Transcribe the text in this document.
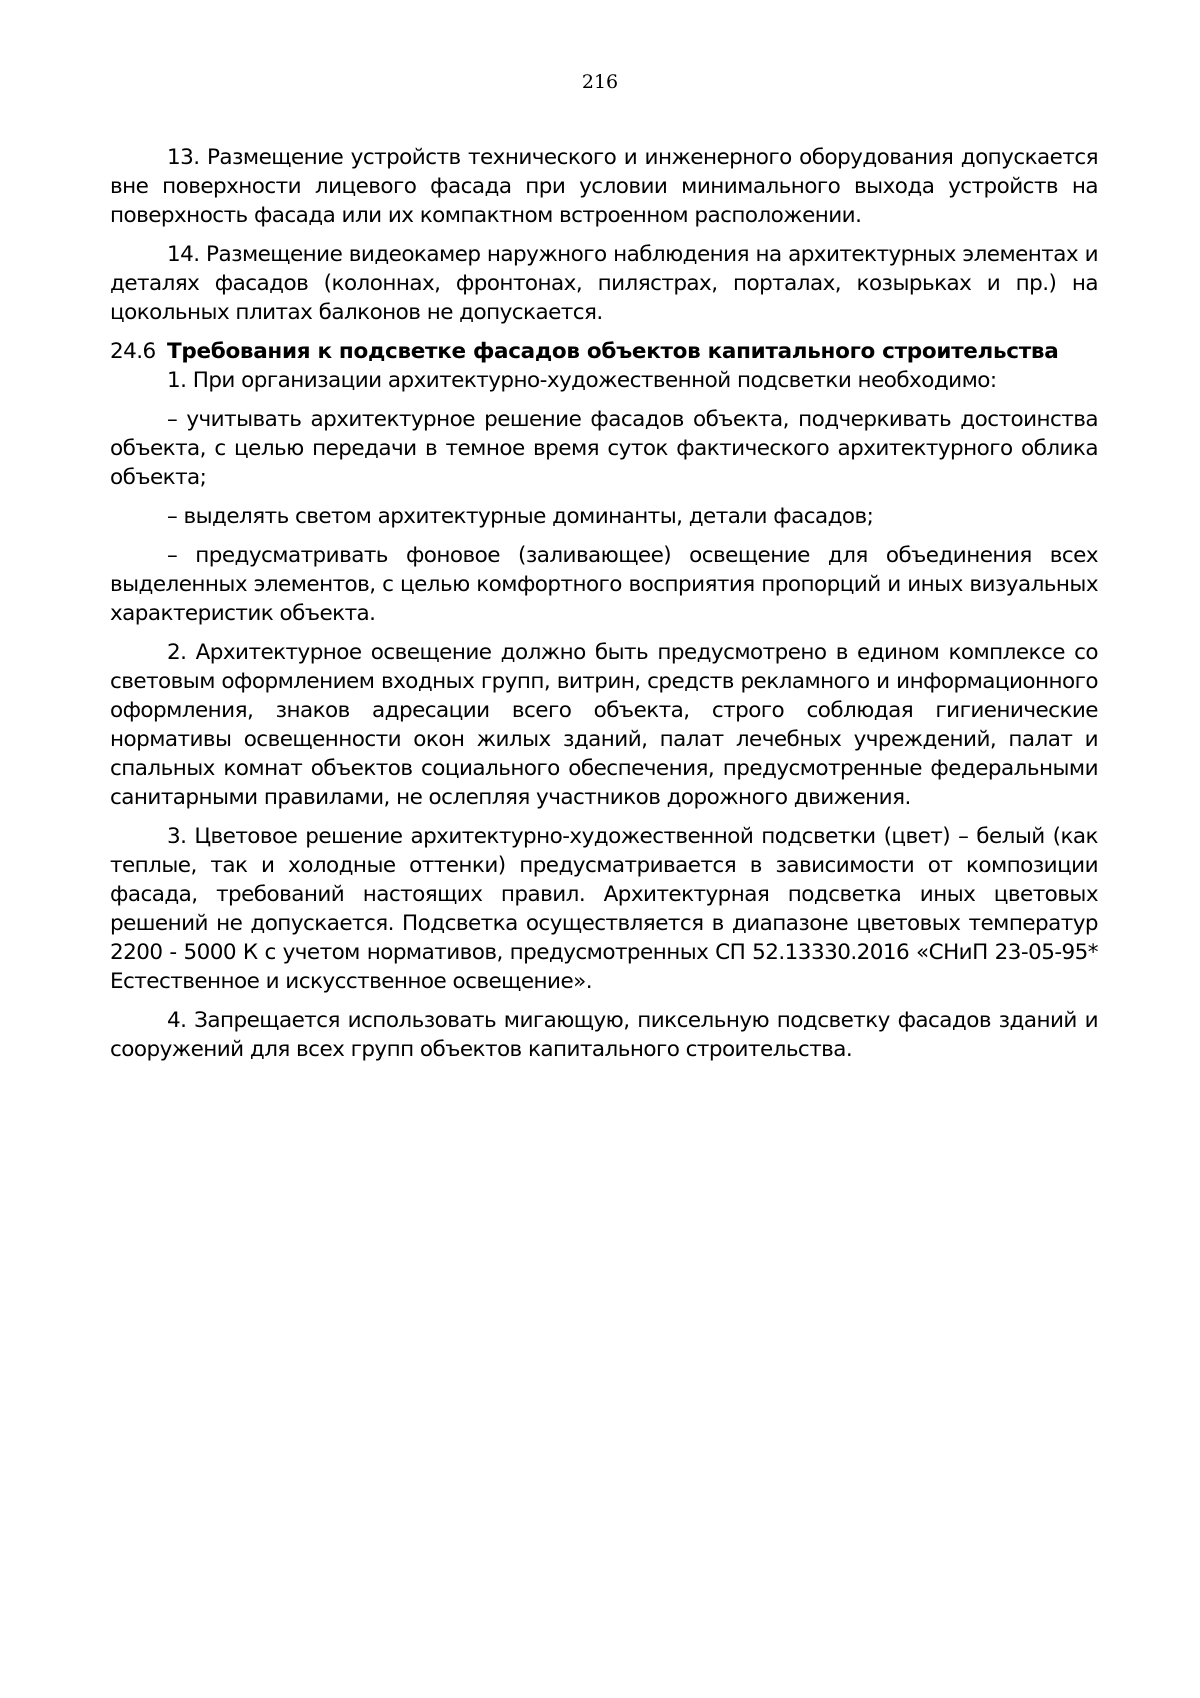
216

13. Размещение устройств технического и инженерного оборудования допускается вне поверхности лицевого фасада при условии минимального выхода устройств на поверхность фасада или их компактном встроенном расположении.

14. Размещение видеокамер наружного наблюдения на архитектурных элементах и деталях фасадов (колоннах, фронтонах, пилястрах, порталах, козырьках и пр.) на цокольных плитах балконов не допускается.

24.6 Требования к подсветке фасадов объектов капитального строительства

1. При организации архитектурно-художественной подсветки необходимо:

– учитывать архитектурное решение фасадов объекта, подчеркивать достоинства объекта, с целью передачи в темное время суток фактического архитектурного облика объекта;

– выделять светом архитектурные доминанты, детали фасадов;

– предусматривать фоновое (заливающее) освещение для объединения всех выделенных элементов, с целью комфортного восприятия пропорций и иных визуальных характеристик объекта.

2. Архитектурное освещение должно быть предусмотрено в едином комплексе со световым оформлением входных групп, витрин, средств рекламного и информационного оформления, знаков адресации всего объекта, строго соблюдая гигиенические нормативы освещенности окон жилых зданий, палат лечебных учреждений, палат и спальных комнат объектов социального обеспечения, предусмотренные федеральными санитарными правилами, не ослепляя участников дорожного движения.

3. Цветовое решение архитектурно-художественной подсветки (цвет) – белый (как теплые, так и холодные оттенки) предусматривается в зависимости от композиции фасада, требований настоящих правил. Архитектурная подсветка иных цветовых решений не допускается. Подсветка осуществляется в диапазоне цветовых температур 2200 - 5000 К с учетом нормативов, предусмотренных СП 52.13330.2016 «СНиП 23-05-95* Естественное и искусственное освещение».

4. Запрещается использовать мигающую, пиксельную подсветку фасадов зданий и сооружений для всех групп объектов капитального строительства.
